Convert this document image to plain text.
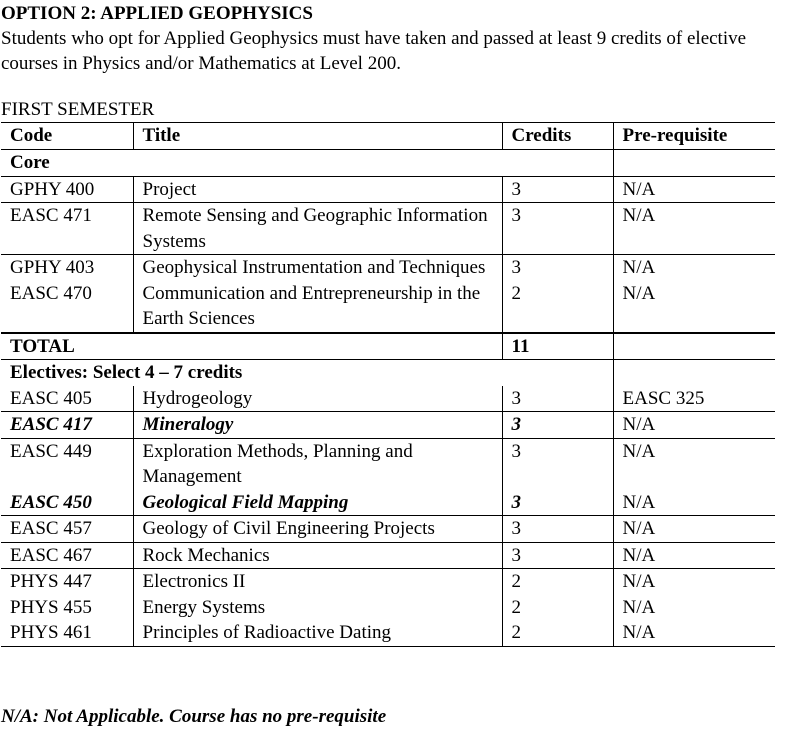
OPTION 2: APPLIED GEOPHYSICS
Students who opt for Applied Geophysics must have taken and passed at least 9 credits of elective courses in Physics and/or Mathematics at Level 200.
FIRST SEMESTER
Code	Title	Credits	Pre-requisite
Core			
GPHY 400	Project	3	N/A
EASC 471	Remote Sensing and Geographic Information Systems	3	N/A
GPHY 403	Geophysical Instrumentation and Techniques	3	N/A
EASC 470	Communication and Entrepreneurship in the Earth Sciences	2	N/A
TOTAL		11	
Electives: Select 4 – 7 credits			
EASC 405	Hydrogeology	3	EASC 325
EASC 417	Mineralogy	3	N/A
EASC 449	Exploration Methods, Planning and Management	3	N/A
EASC 450	Geological Field Mapping	3	N/A
EASC 457	Geology of Civil Engineering Projects	3	N/A
EASC 467	Rock Mechanics	3	N/A
PHYS 447	Electronics II	2	N/A
PHYS 455	Energy Systems	2	N/A
PHYS 461	Principles of Radioactive Dating	2	N/A
N/A: Not Applicable. Course has no pre-requisite
